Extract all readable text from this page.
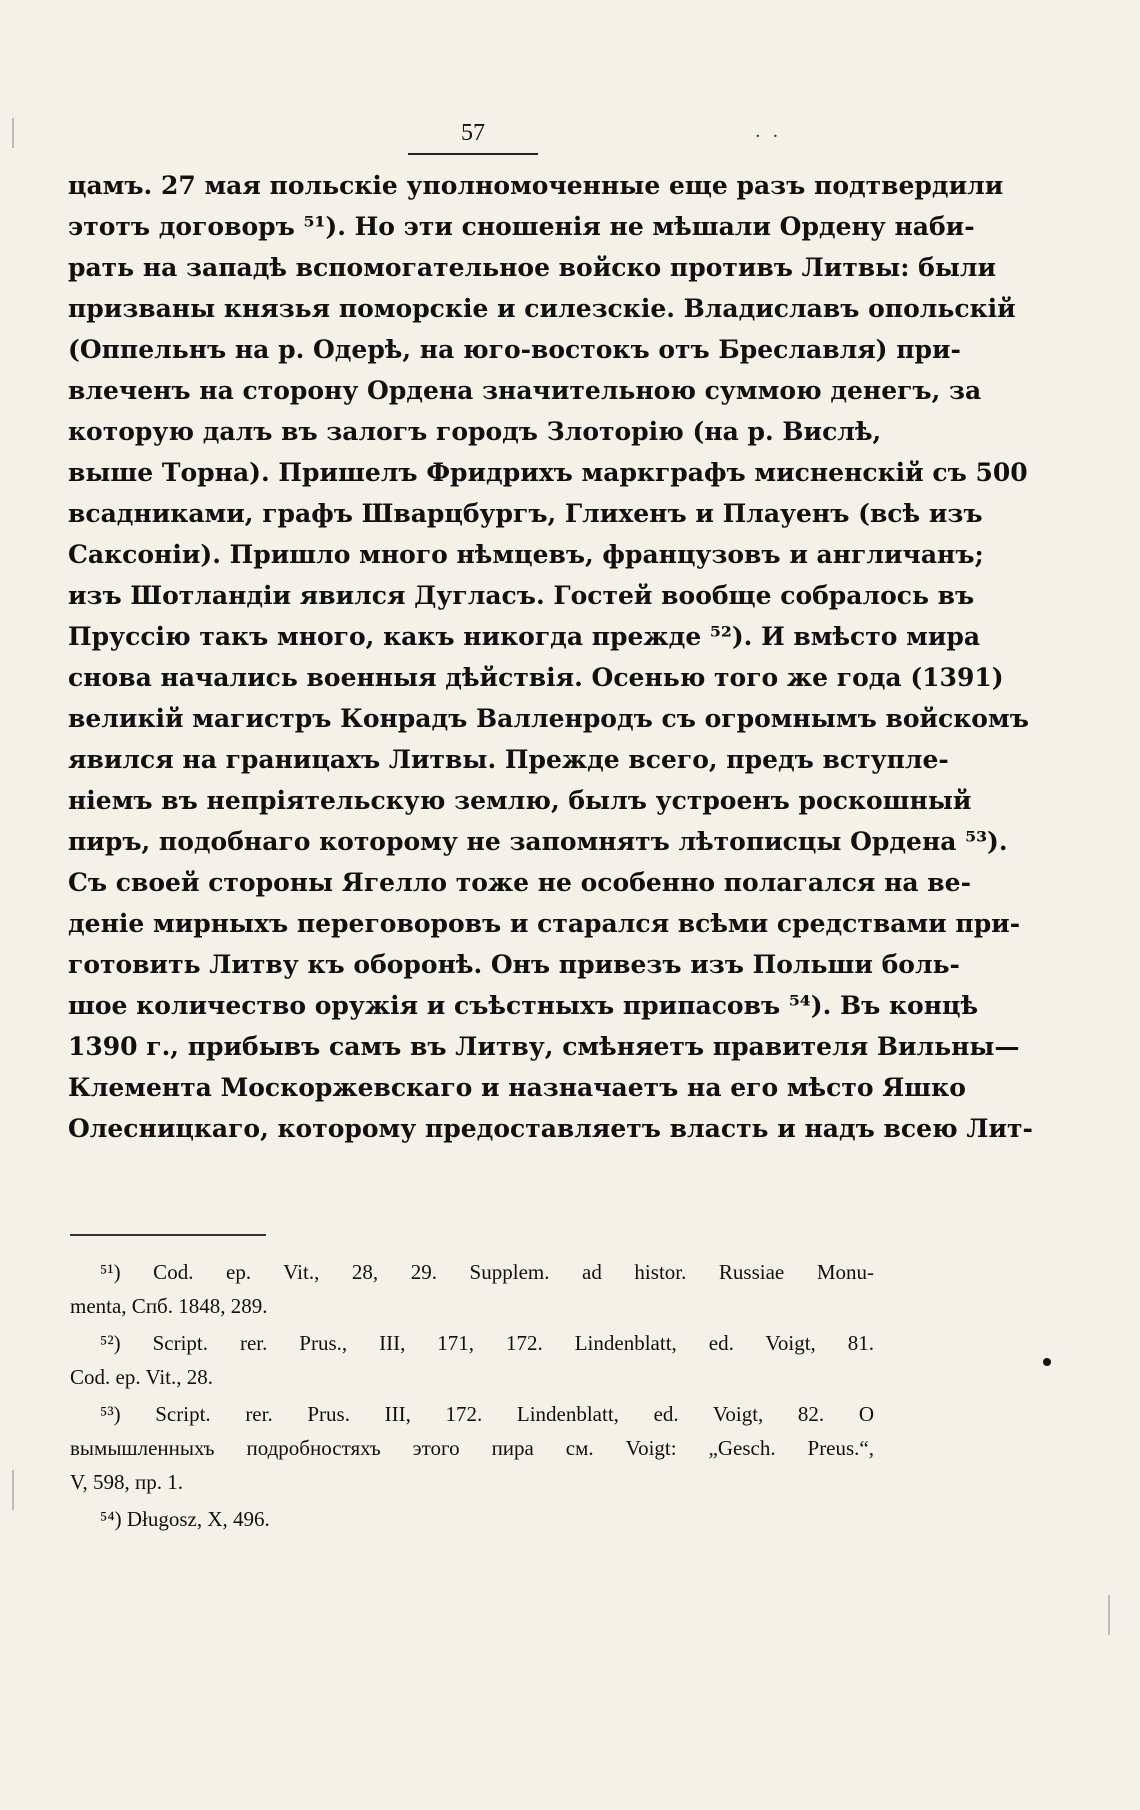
57	· ·
цамъ. 27 мая польскіе уполномоченные еще разъ подтвердили
этотъ договоръ ⁵¹). Но эти сношенія не мѣшали Ордену наби-
рать на западѣ вспомогательное войско противъ Литвы: были
призваны князья поморскіе и силезскіе. Владиславъ опольскій
(Оппельнъ на р. Одерѣ, на юго-востокъ отъ Бреславля) при-
влеченъ на сторону Ордена значительною суммою денегъ, за
которую далъ въ залогъ городъ Злоторію (на р. Вислѣ,
выше Торна). Пришелъ Фридрихъ маркграфъ мисненскій съ 500
всадниками, графъ Шварцбургъ, Глихенъ и Плауенъ (всѣ изъ
Саксоніи). Пришло много нѣмцевъ, французовъ и англичанъ;
изъ Шотландіи явился Дугласъ. Гостей вообще собралось въ
Пруссію такъ много, какъ никогда прежде ⁵²). И вмѣсто мира
снова начались военныя дѣйствія. Осенью того же года (1391)
великій магистръ Конрадъ Валленродъ съ огромнымъ войскомъ
явился на границахъ Литвы. Прежде всего, предъ вступле-
ніемъ въ непріятельскую землю, былъ устроенъ роскошный
пиръ, подобнаго которому не запомнятъ лѣтописцы Ордена ⁵³).
Съ своей стороны Ягелло тоже не особенно полагался на ве-
деніе мирныхъ переговоровъ и старался всѣми средствами при-
готовить Литву къ оборонѣ. Онъ привезъ изъ Польши боль-
шое количество оружія и съѣстныхъ припасовъ ⁵⁴). Въ концѣ
1390 г., прибывъ самъ въ Литву, смѣняетъ правителя Вильны—
Клемента Москоржевскаго и назначаетъ на его мѣсто Яшко
Олесницкаго, которому предоставляетъ власть и надъ всею Лит-
⁵¹) Cod. ep. Vit., 28, 29. Supplem. ad histor. Russiae Monu-
menta, Спб. 1848, 289.
⁵²) Script. rer. Prus., III, 171, 172. Lindenblatt, ed. Voigt, 81.
Cod. ep. Vit., 28.
⁵³) Script. rer. Prus. III, 172. Lindenblatt, ed. Voigt, 82. О
вымышленныхъ подробностяхъ этого пира см. Voigt: „Gesch. Preus.“,
V, 598, пр. 1.
⁵⁴) Długosz, X, 496.
